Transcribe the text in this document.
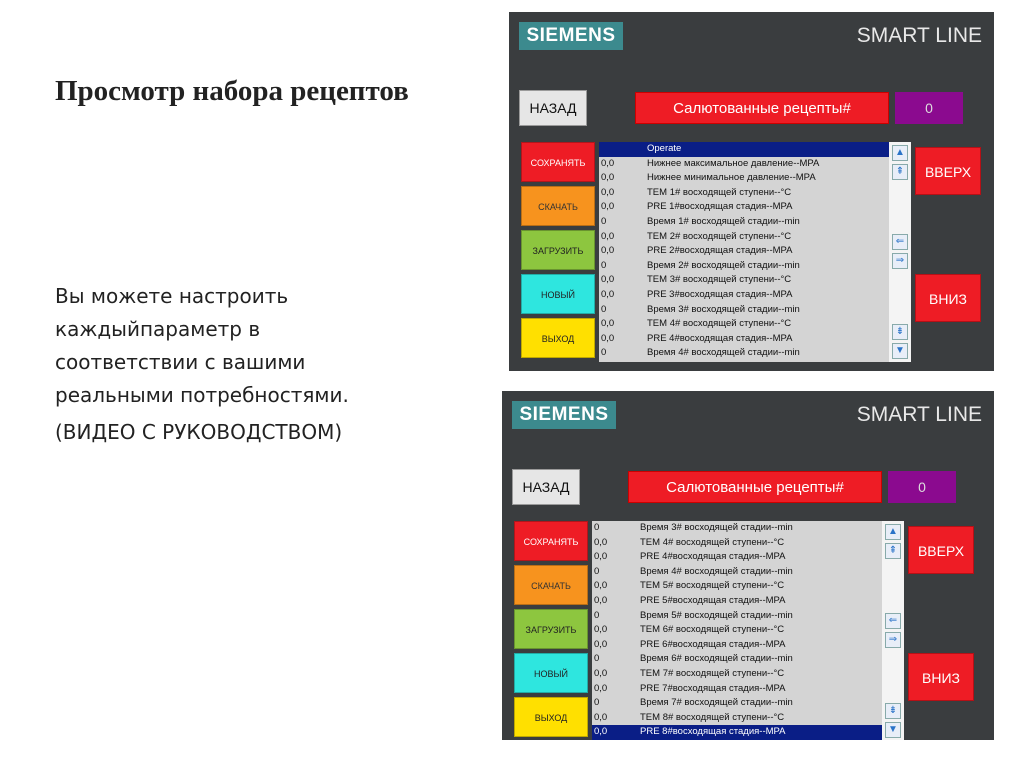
Просмотр набора рецептов

Вы можете настроить каждыйпараметр в соответствии с вашими реальными потребностями.

(ВИДЕО С РУКОВОДСТВОМ)

SIEMENS	SMART LINE
НАЗАД	Салютованные рецепты#	0
СОХРАНЯТЬ
СКАЧАТЬ
ЗАГРУЗИТЬ
НОВЫЙ
ВЫХОД
Operate
0,0	Нижнее максимальное давление--MPA
0,0	Нижнее минимальное давление--MPA
0,0	ТЕМ 1# восходящей ступени--°C
0,0	PRE 1#восходящая стадия--MPA
0	Время 1# восходящей стадии--min
0,0	ТЕМ 2# восходящей ступени--°C
0,0	PRE 2#восходящая стадия--MPA
0	Время 2# восходящей стадии--min
0,0	ТЕМ 3# восходящей ступени--°C
0,0	PRE 3#восходящая стадия--MPA
0	Время 3# восходящей стадии--min
0,0	ТЕМ 4# восходящей ступени--°C
0,0	PRE 4#восходящая стадия--MPA
0	Время 4# восходящей стадии--min
▲
⇞
⇐
⇒
⇟
▼
ВВЕРХ
ВНИЗ
SIEMENS	SMART LINE
НАЗАД	Салютованные рецепты#	0
СОХРАНЯТЬ
СКАЧАТЬ
ЗАГРУЗИТЬ
НОВЫЙ
ВЫХОД
0	Время 3# восходящей стадии--min
0,0	ТЕМ 4# восходящей ступени--°C
0,0	PRE 4#восходящая стадия--MPA
0	Время 4# восходящей стадии--min
0,0	ТЕМ 5# восходящей ступени--°C
0,0	PRE 5#восходящая стадия--MPA
0	Время 5# восходящей стадии--min
0,0	ТЕМ 6# восходящей ступени--°C
0,0	PRE 6#восходящая стадия--MPA
0	Время 6# восходящей стадии--min
0,0	ТЕМ 7# восходящей ступени--°C
0,0	PRE 7#восходящая стадия--MPA
0	Время 7# восходящей стадии--min
0,0	ТЕМ 8# восходящей ступени--°C
0,0	PRE 8#восходящая стадия--MPA
▲
⇞
⇐
⇒
⇟
▼
ВВЕРХ
ВНИЗ
